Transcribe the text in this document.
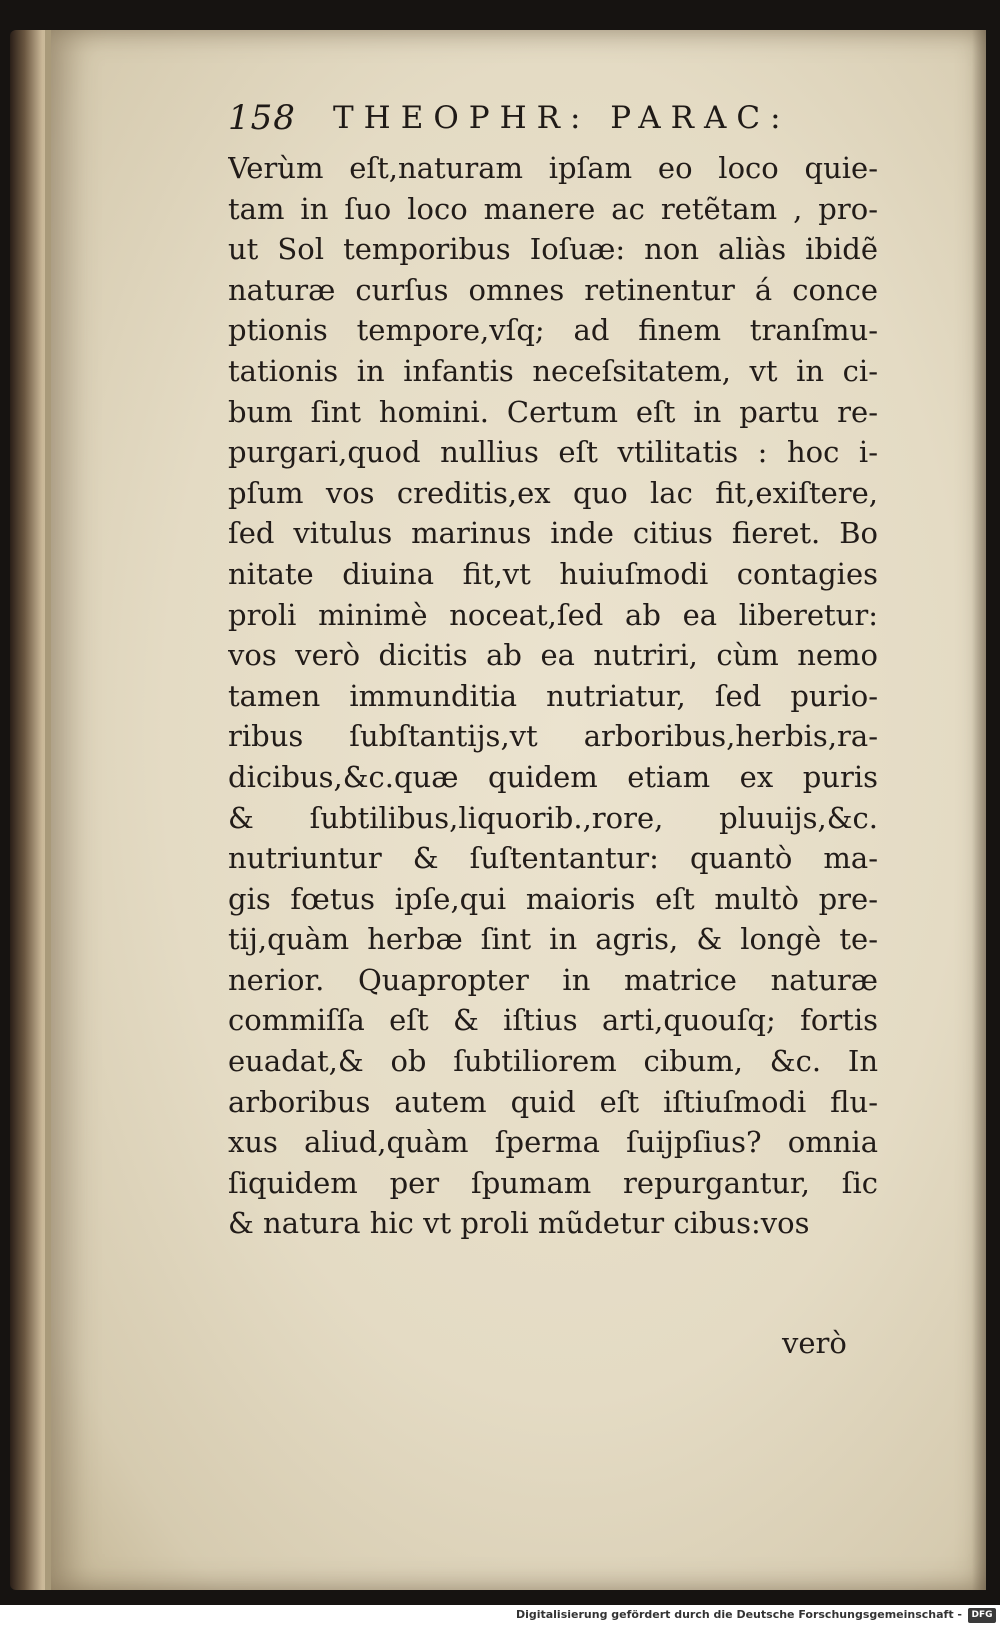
158 THEOPHR: PARAC:
Verùm eſt,naturam ipſam eo loco quie-
tam in ſuo loco manere ac retẽtam , pro-
ut Sol temporibus Ioſuæ: non aliàs ibidẽ
naturæ curſus omnes retinentur á conce
ptionis tempore,vſq; ad finem tranſmu-
tationis in infantis neceſsitatem, vt in ci-
bum ſint homini. Certum eſt in partu re-
purgari,quod nullius eſt vtilitatis : hoc i-
pſum vos creditis,ex quo lac fit,exiſtere,
ſed vitulus marinus inde citius fieret. Bo
nitate diuina fit,vt huiuſmodi contagies
proli minimè noceat,ſed ab ea liberetur:
vos verò dicitis ab ea nutriri, cùm nemo
tamen immunditia nutriatur, ſed purio-
ribus ſubſtantijs,vt arboribus,herbis,ra-
dicibus,&c.quæ quidem etiam ex puris
& ſubtilibus,liquorib.,rore, pluuijs,&c.
nutriuntur & ſuſtentantur: quantò ma-
gis fœtus ipſe,qui maioris eſt multò pre-
tij,quàm herbæ ſint in agris, & longè te-
nerior. Quapropter in matrice naturæ
commiſſa eſt & iſtius arti,quouſq; fortis
euadat,& ob ſubtiliorem cibum, &c. In
arboribus autem quid eſt iſtiuſmodi flu-
xus aliud,quàm ſperma ſuijpſius? omnia
ſiquidem per ſpumam repurgantur, ſic
& natura hic vt proli mũdetur cibus:vos
verò
Digitalisierung gefördert durch die Deutsche Forschungsgemeinschaft -	DFG
